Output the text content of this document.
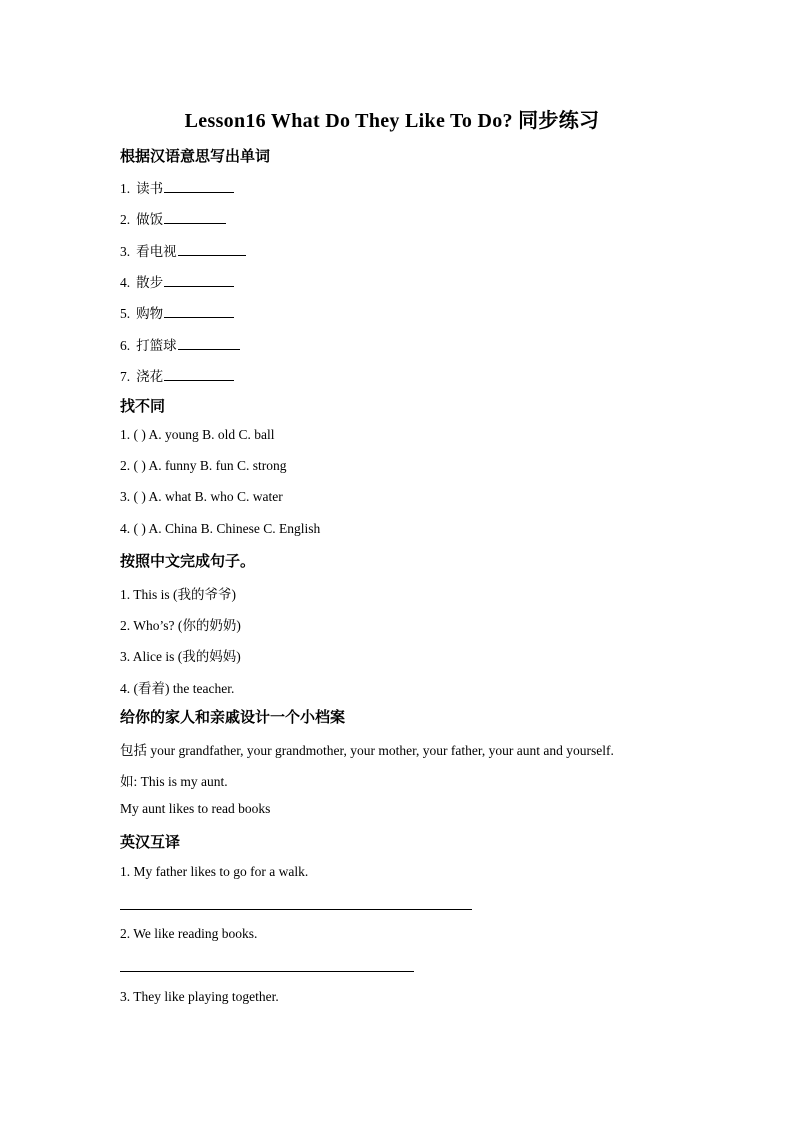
Lesson16 What Do They Like To Do? 同步练习
根据汉语意思写出单词
1. 读书
2. 做饭
3. 看电视
4. 散步
5. 购物
6. 打篮球
7. 浇花
找不同
1. ( ) A. young B. old C. ball
2. ( ) A. funny B. fun C. strong
3. ( ) A. what B. who C. water
4. ( ) A. China B. Chinese C. English
按照中文完成句子。
1. This is (我的爷爷)
2. Who’s? (你的奶奶)
3. Alice is (我的妈妈)
4. (看着) the teacher.
给你的家人和亲戚设计一个小档案
包括 your grandfather, your grandmother, your mother, your father, your aunt and yourself.
如: This is my aunt.
My aunt likes to read books
英汉互译
1. My father likes to go for a walk.
2. We like reading books.
3. They like playing together.
